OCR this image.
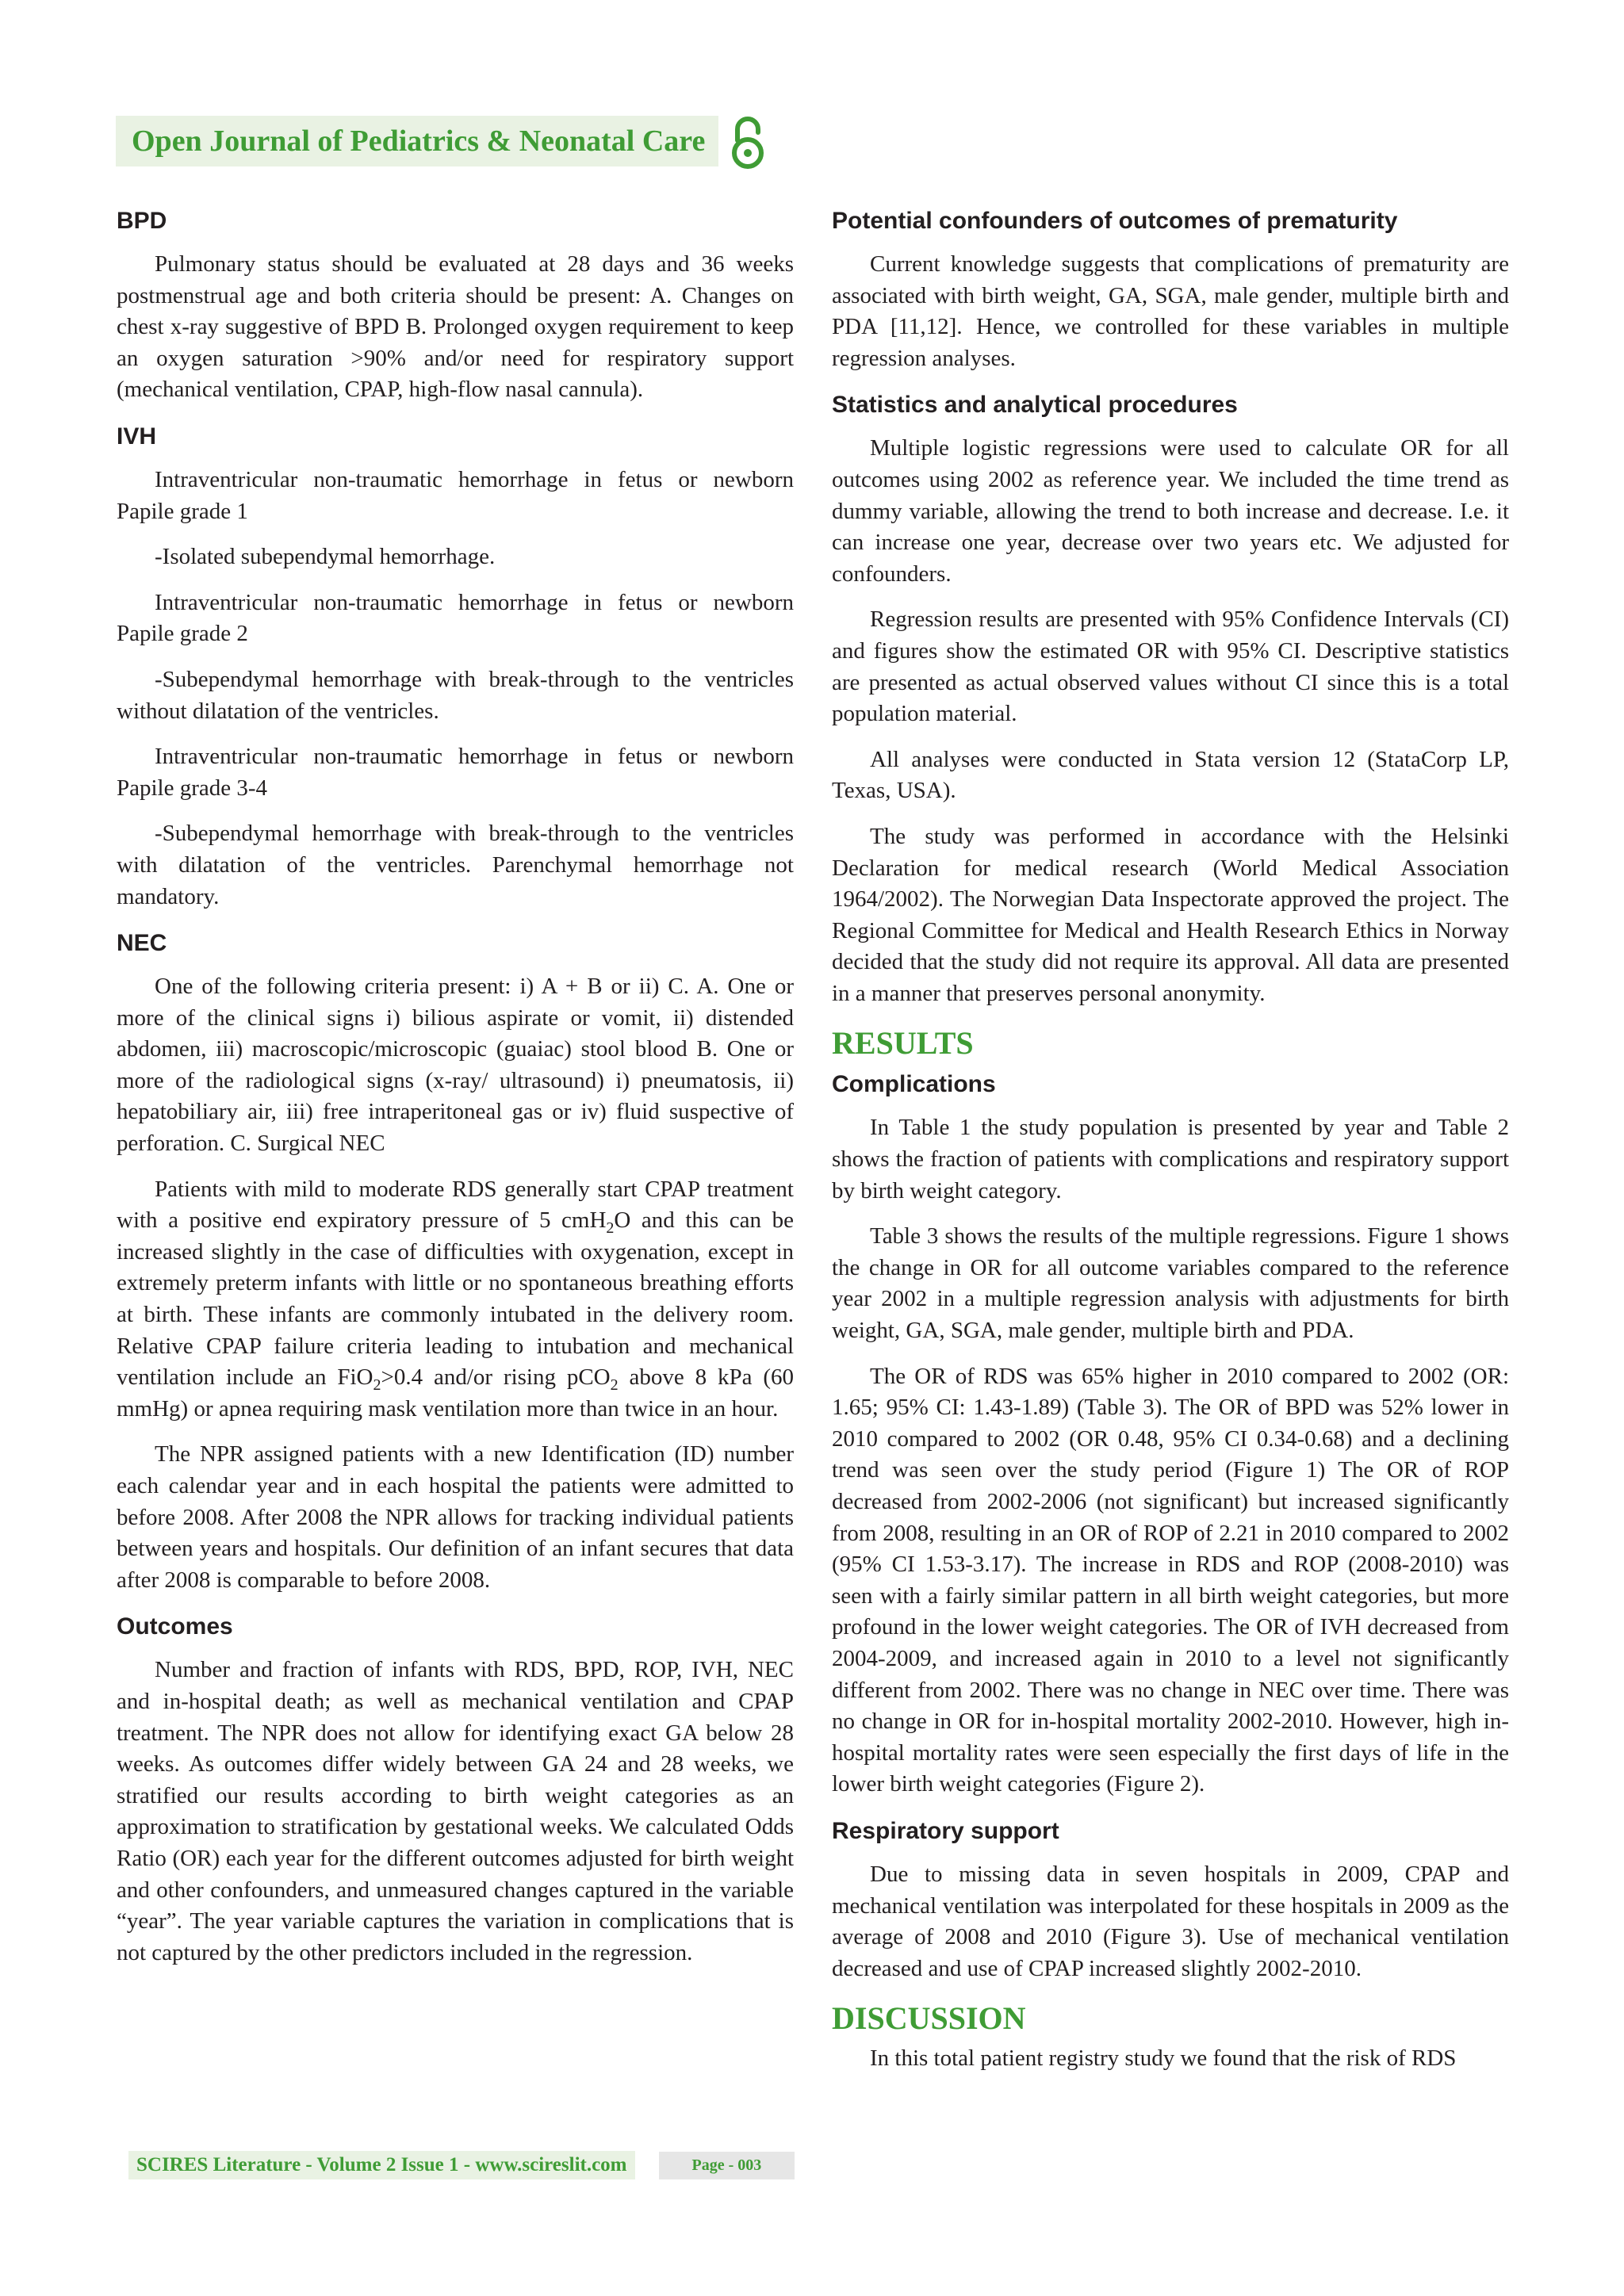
Open Journal of Pediatrics & Neonatal Care
BPD

Pulmonary status should be evaluated at 28 days and 36 weeks postmenstrual age and both criteria should be present: A. Changes on chest x-ray suggestive of BPD B. Prolonged oxygen requirement to keep an oxygen saturation >90% and/or need for respiratory support (mechanical ventilation, CPAP, high-flow nasal cannula).

IVH

Intraventricular non-traumatic hemorrhage in fetus or newborn Papile grade 1

-Isolated subependymal hemorrhage.

Intraventricular non-traumatic hemorrhage in fetus or newborn Papile grade 2

-Subependymal hemorrhage with break-through to the ventricles without dilatation of the ventricles.

Intraventricular non-traumatic hemorrhage in fetus or newborn Papile grade 3-4

-Subependymal hemorrhage with break-through to the ventricles with dilatation of the ventricles. Parenchymal hemorrhage not mandatory.

NEC

One of the following criteria present: i) A + B or ii) C. A. One or more of the clinical signs i) bilious aspirate or vomit, ii) distended abdomen, iii) macroscopic/microscopic (guaiac) stool blood B. One or more of the radiological signs (x-ray/ ultrasound) i) pneumatosis, ii) hepatobiliary air, iii) free intraperitoneal gas or iv) fluid suspective of perforation. C. Surgical NEC

Patients with mild to moderate RDS generally start CPAP treatment with a positive end expiratory pressure of 5 cmH$_2$O and this can be increased slightly in the case of difficulties with oxygenation, except in extremely preterm infants with little or no spontaneous breathing efforts at birth. These infants are commonly intubated in the delivery room. Relative CPAP failure criteria leading to intubation and mechanical ventilation include an FiO$_2$>0.4 and/or rising pCO$_2$ above 8 kPa (60 mmHg) or apnea requiring mask ventilation more than twice in an hour.

The NPR assigned patients with a new Identification (ID) number each calendar year and in each hospital the patients were admitted to before 2008. After 2008 the NPR allows for tracking individual patients between years and hospitals. Our definition of an infant secures that data after 2008 is comparable to before 2008.

Outcomes

Number and fraction of infants with RDS, BPD, ROP, IVH, NEC and in-hospital death; as well as mechanical ventilation and CPAP treatment. The NPR does not allow for identifying exact GA below 28 weeks. As outcomes differ widely between GA 24 and 28 weeks, we stratified our results according to birth weight categories as an approximation to stratification by gestational weeks. We calculated Odds Ratio (OR) each year for the different outcomes adjusted for birth weight and other confounders, and unmeasured changes captured in the variable “year”. The year variable captures the variation in complications that is not captured by the other predictors included in the regression.

Potential confounders of outcomes of prematurity

Current knowledge suggests that complications of prematurity are associated with birth weight, GA, SGA, male gender, multiple birth and PDA [11,12]. Hence, we controlled for these variables in multiple regression analyses.

Statistics and analytical procedures

Multiple logistic regressions were used to calculate OR for all outcomes using 2002 as reference year. We included the time trend as dummy variable, allowing the trend to both increase and decrease. I.e. it can increase one year, decrease over two years etc. We adjusted for confounders.

Regression results are presented with 95% Confidence Intervals (CI) and figures show the estimated OR with 95% CI. Descriptive statistics are presented as actual observed values without CI since this is a total population material.

All analyses were conducted in Stata version 12 (StataCorp LP, Texas, USA).

The study was performed in accordance with the Helsinki Declaration for medical research (World Medical Association 1964/2002). The Norwegian Data Inspectorate approved the project. The Regional Committee for Medical and Health Research Ethics in Norway decided that the study did not require its approval. All data are presented in a manner that preserves personal anonymity.

RESULTS
Complications

In Table 1 the study population is presented by year and Table 2 shows the fraction of patients with complications and respiratory support by birth weight category.

Table 3 shows the results of the multiple regressions. Figure 1 shows the change in OR for all outcome variables compared to the reference year 2002 in a multiple regression analysis with adjustments for birth weight, GA, SGA, male gender, multiple birth and PDA.

The OR of RDS was 65% higher in 2010 compared to 2002 (OR: 1.65; 95% CI: 1.43-1.89) (Table 3). The OR of BPD was 52% lower in 2010 compared to 2002 (OR 0.48, 95% CI 0.34-0.68) and a declining trend was seen over the study period (Figure 1) The OR of ROP decreased from 2002-2006 (not significant) but increased significantly from 2008, resulting in an OR of ROP of 2.21 in 2010 compared to 2002 (95% CI 1.53-3.17). The increase in RDS and ROP (2008-2010) was seen with a fairly similar pattern in all birth weight categories, but more profound in the lower weight categories. The OR of IVH decreased from 2004-2009, and increased again in 2010 to a level not significantly different from 2002. There was no change in NEC over time. There was no change in OR for in-hospital mortality 2002-2010. However, high in-hospital mortality rates were seen especially the first days of life in the lower birth weight categories (Figure 2).

Respiratory support

Due to missing data in seven hospitals in 2009, CPAP and mechanical ventilation was interpolated for these hospitals in 2009 as the average of 2008 and 2010 (Figure 3). Use of mechanical ventilation decreased and use of CPAP increased slightly 2002-2010.

DISCUSSION

In this total patient registry study we found that the risk of RDS

SCIRES Literature - Volume 2 Issue 1 - www.scireslit.com	Page - 003
